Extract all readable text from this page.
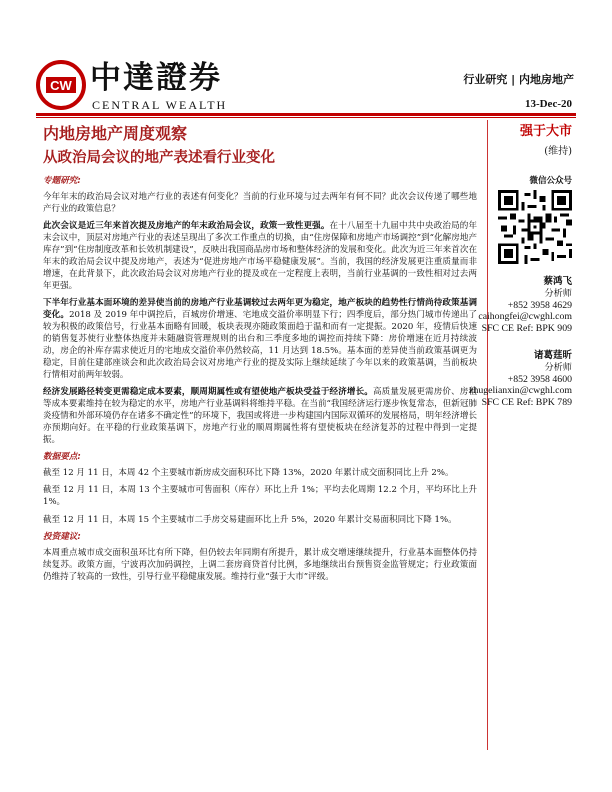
CW 中達證券
CENTRAL WEALTH
行业研究 | 内地房地产
13-Dec-20
内地房地产周度观察
从政治局会议的地产表述看行业变化
强于大市
(维持)
微信公众号
蔡鸿飞
分析师
+852 3958 4629
caihongfei@cwghl.com
SFC CE Ref: BPK 909
诸葛莛昕
分析师
+852 3958 4600
zhugelianxin@cwghl.com
SFC CE Ref: BPK 789
专题研究:

今年年末的政治局会议对地产行业的表述有何变化？当前的行业环境与过去两年有何不同？此次会议传递了哪些地产行业的政策信息？

此次会议是近三年来首次提及房地产的年末政治局会议，政策一致性更强。在十八届至十九届中共中央政治局的年末会议中，顶层对房地产行业的表述呈现出了多次工作重点的切换，由“住房保障和房地产市场调控”到“化解房地产库存”到“住房制度改革和长效机制建设”，反映出我国商品房市场和整体经济的发展和变化。此次为近三年来首次在年末的政治局会议中提及房地产，表述为“促进房地产市场平稳健康发展”。当前，我国的经济发展更注重质量而非增速，在此背景下，此次政治局会议对房地产行业的提及或在一定程度上表明，当前行业基调的一致性相对过去两年更强。

下半年行业基本面环境的差异使当前的房地产行业基调较过去两年更为稳定，地产板块的趋势性行情尚待政策基调变化。2018 及 2019 年中调控后，百城房价增速、宅地成交溢价率明显下行；四季度后，部分热门城市传递出了较为积极的政策信号，行业基本面略有回暖，板块表现亦随政策面趋于温和而有一定提振。2020 年，疫情后快速的销售复苏使行业整体热度并未随融资管理规则的出台和三季度多地的调控而持续下降：房价增速在近月持续波动，房企的补库存需求使近月的宅地成交溢价率仍然较高，11 月达到 18.5%。基本面的差异使当前政策基调更为稳定，目前住建部座谈会和此次政治局会议对房地产行业的提及实际上继续延续了今年以来的政策基调，当前板块行情相对前两年较弱。

经济发展路径转变更需稳定成本要素，顺周期属性或有望使地产板块受益于经济增长。高质量发展更需房价、房租等成本要素维持在较为稳定的水平，房地产行业基调料将维持平稳。在当前“我国经济运行逐步恢复常态，但新冠肺炎疫情和外部环境仍存在诸多不确定性”的环境下，我国或将进一步构建国内国际双循环的发展格局，明年经济增长亦预期向好。在平稳的行业政策基调下，房地产行业的顺周期属性将有望使板块在经济复苏的过程中得到一定提振。

数据要点:

截至 12 月 11 日，本周 42 个主要城市新房成交面积环比下降 13%，2020 年累计成交面积同比上升 2%。

截至 12 月 11 日，本周 13 个主要城市可售面积（库存）环比上升 1%；平均去化周期 12.2 个月，平均环比上升 1%。

截至 12 月 11 日，本周 15 个主要城市二手房交易建面环比上升 5%，2020 年累计交易面积同比下降 1%。

投资建议:

本周重点城市成交面积虽环比有所下降，但仍较去年同期有所提升，累计成交增速继续提升，行业基本面整体仍持续复苏。政策方面，宁波再次加码调控，上调二套房商贷首付比例，多地继续出台预售资金监管规定；行业政策面仍维持了较高的一致性，引导行业平稳健康发展。维持行业“强于大市”评级。
